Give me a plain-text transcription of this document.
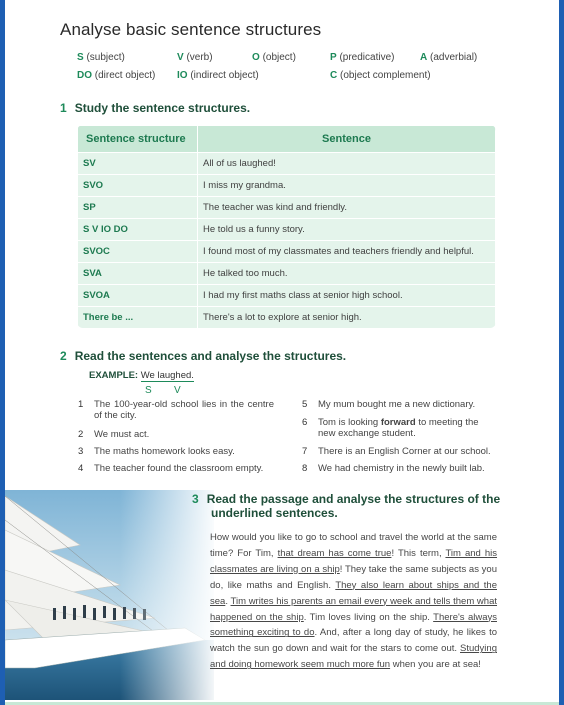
Analyse basic sentence structures
S (subject)	V (verb)	O (object)	P (predicative)	A (adverbial)
DO (direct object) IO (indirect object)	C (object complement)
1 Study the sentence structures.
Sentence structure	Sentence
SV	All of us laughed!
SVO	I miss my grandma.
SP	The teacher was kind and friendly.
S V IO DO	He told us a funny story.
SVOC	I found most of my classmates and teachers friendly and helpful.
SVA	He talked too much.
SVOA	I had my first maths class at senior high school.
There be ...	There's a lot to explore at senior high.
2 Read the sentences and analyse the structures.
EXAMPLE: We laughed.
S V
1 The 100-year-old school lies in the centre of the city.
2 We must act.
3 The maths homework looks easy.
4 The teacher found the classroom empty.
5 My mum bought me a new dictionary.
6 Tom is looking forward to meeting the new exchange student.
7 There is an English Corner at our school.
8 We had chemistry in the newly built lab.
3 Read the passage and analyse the structures of the
underlined sentences.
How would you like to go to school and travel the world at the same time? For Tim, that dream has come true! This term, Tim and his classmates are living on a ship! They take the same subjects as you do, like maths and English. They also learn about ships and the sea. Tim writes his parents an email every week and tells them what happened on the ship. Tim loves living on the ship. There's always something exciting to do. And, after a long day of study, he likes to watch the sun go down and wait for the stars to come out. Studying and doing homework seem much more fun when you are at sea!
